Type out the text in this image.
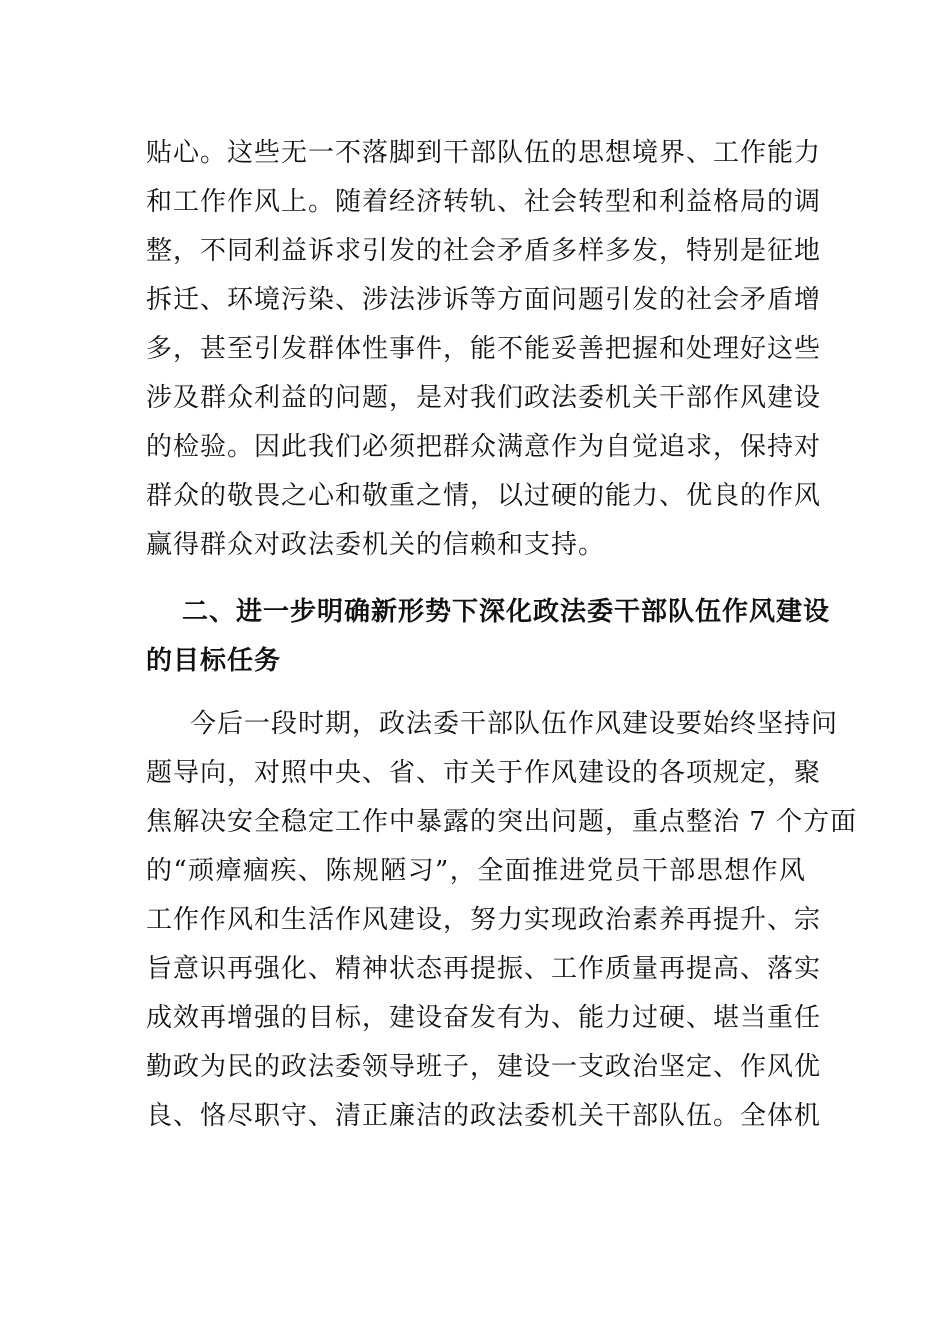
贴心。这些无一不落脚到干部队伍的思想境界、工作能力
和工作作风上。随着经济转轨、社会转型和利益格局的调
整，不同利益诉求引发的社会矛盾多样多发，特别是征地
拆迁、环境污染、涉法涉诉等方面问题引发的社会矛盾增
多，甚至引发群体性事件，能不能妥善把握和处理好这些
涉及群众利益的问题，是对我们政法委机关干部作风建设
的检验。因此我们必须把群众满意作为自觉追求，保持对
群众的敬畏之心和敬重之情，以过硬的能力、优良的作风
赢得群众对政法委机关的信赖和支持。
二、进一步明确新形势下深化政法委干部队伍作风建设
的目标任务
今后一段时期，政法委干部队伍作风建设要始终坚持问
题导向，对照中央、省、市关于作风建设的各项规定，聚
焦解决安全稳定工作中暴露的突出问题，重点整治 7 个方面
的“顽瘴痼疾、陈规陋习”，全面推进党员干部思想作风
工作作风和生活作风建设，努力实现政治素养再提升、宗
旨意识再强化、精神状态再提振、工作质量再提高、落实
成效再增强的目标，建设奋发有为、能力过硬、堪当重任
勤政为民的政法委领导班子，建设一支政治坚定、作风优
良、恪尽职守、清正廉洁的政法委机关干部队伍。全体机
